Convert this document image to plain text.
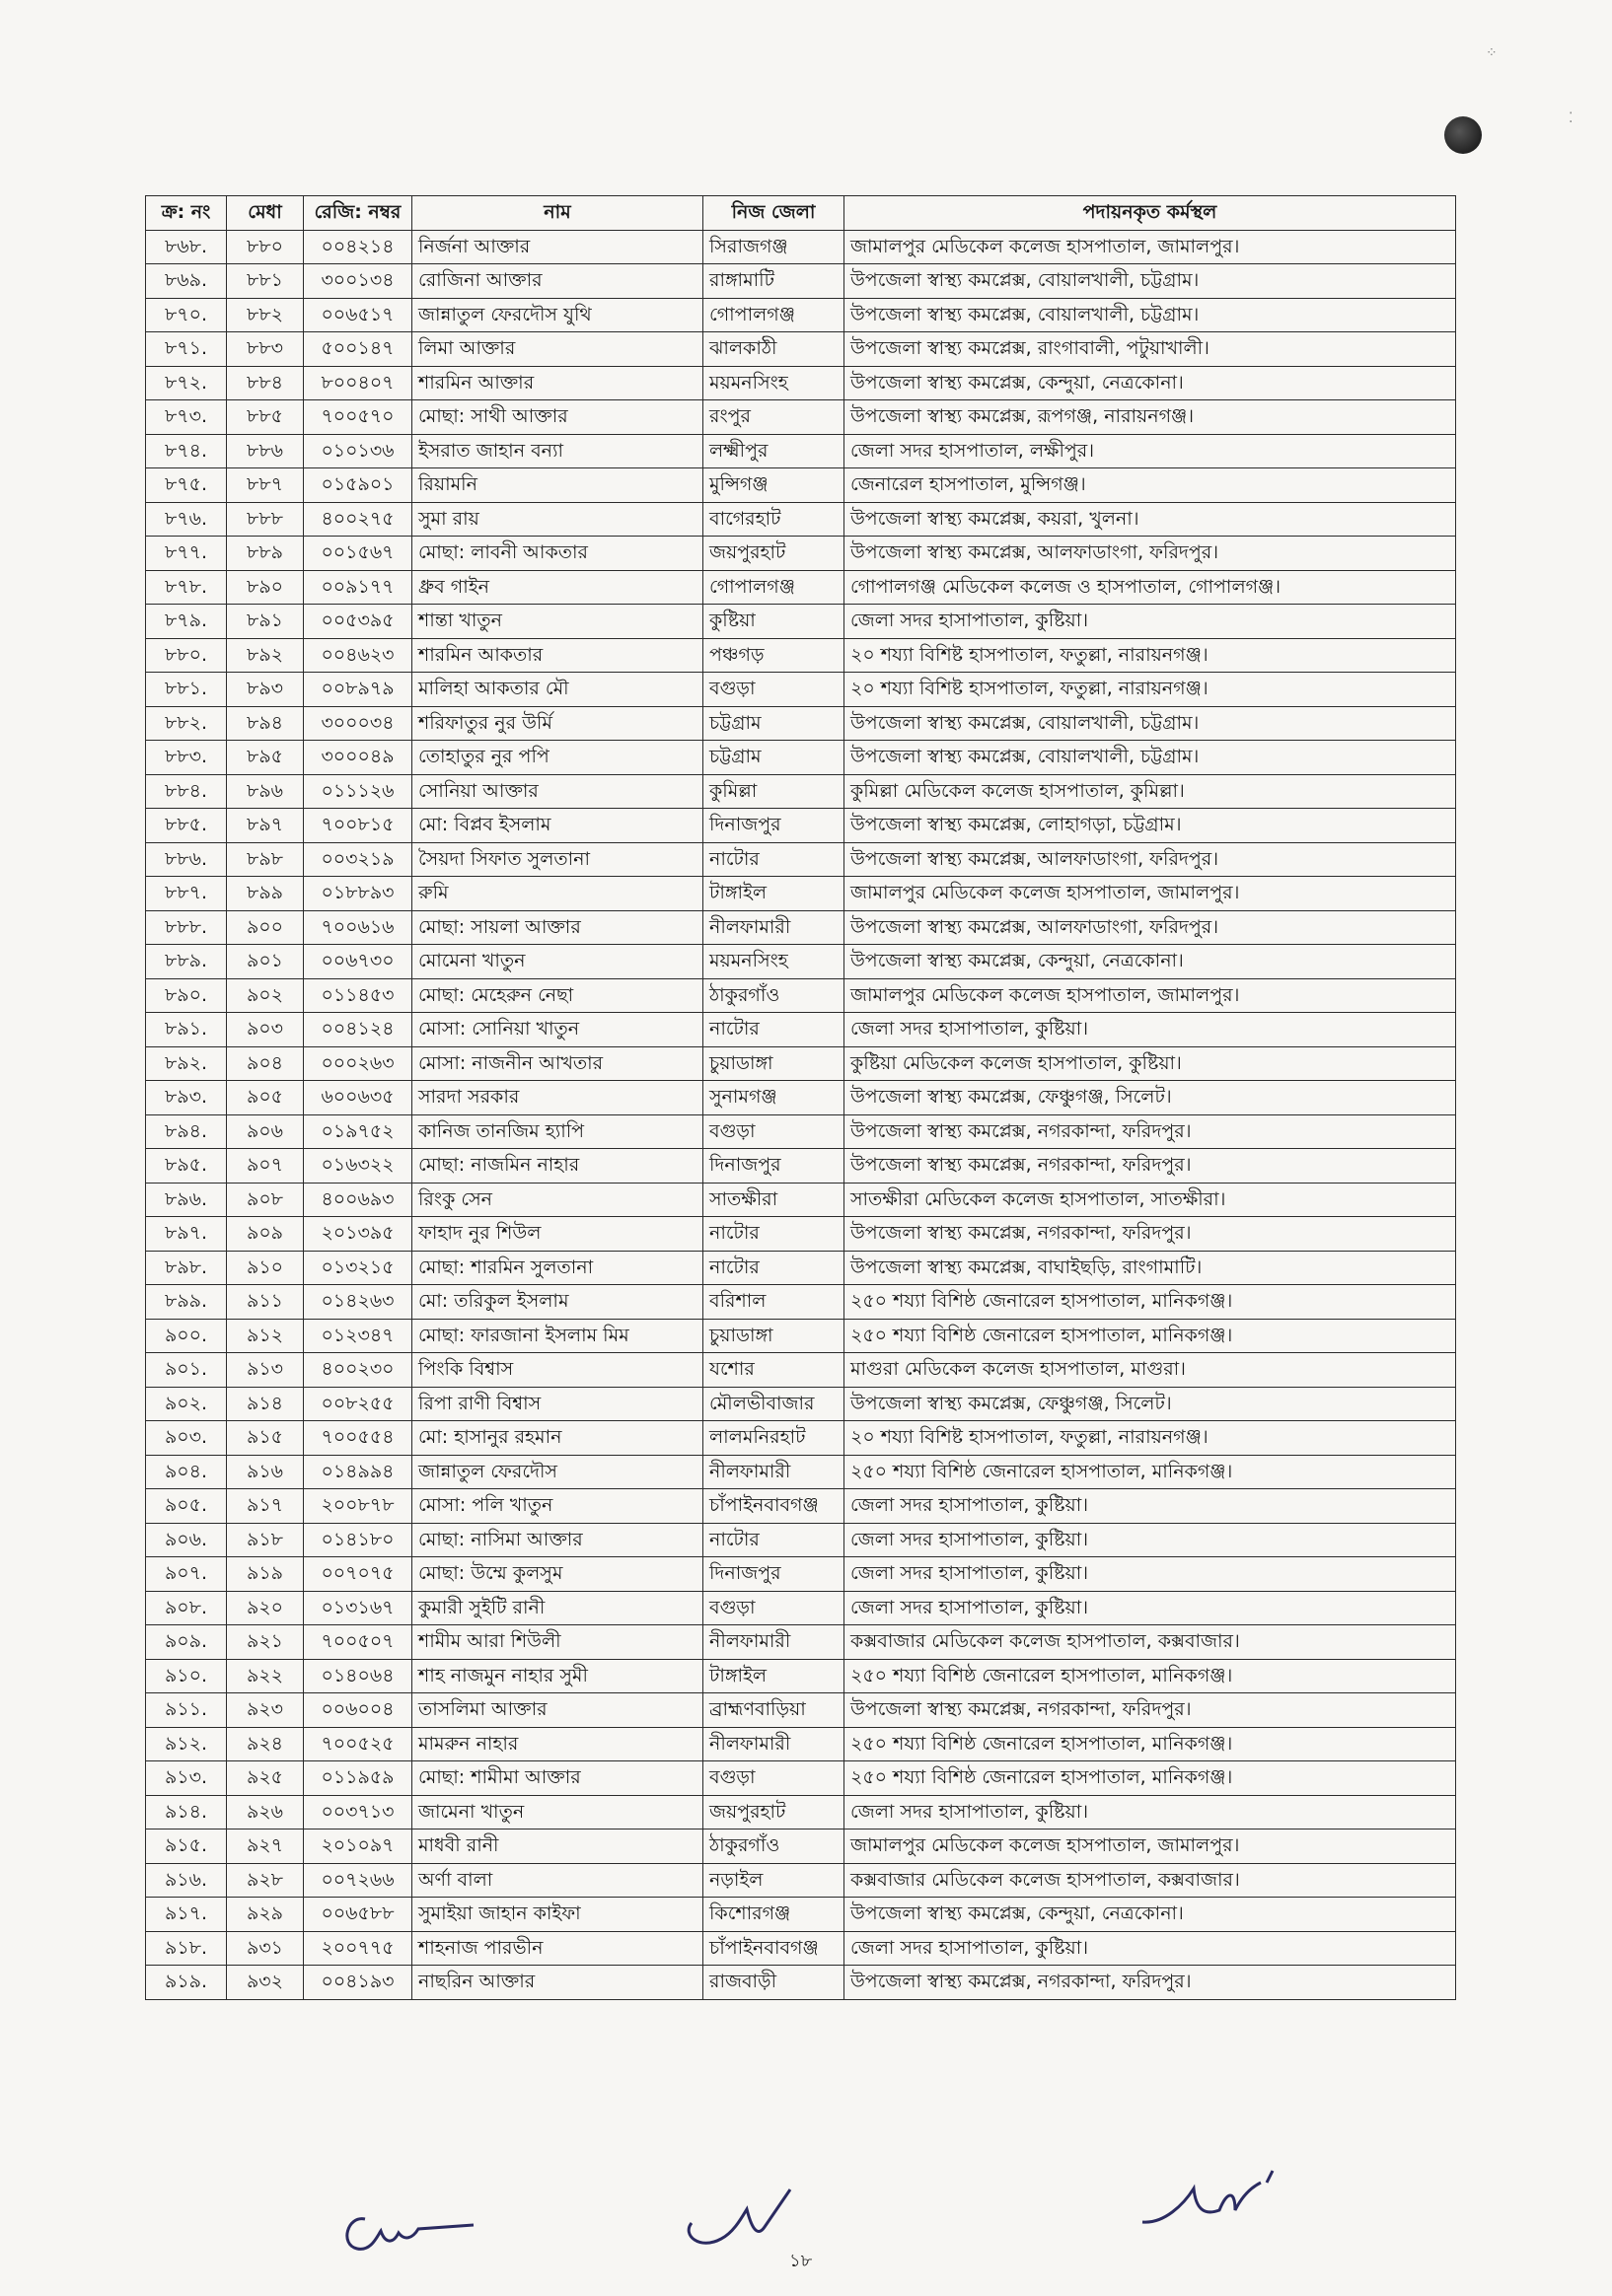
⁘
⁚
ক্র: নং	মেধা	রেজি: নম্বর	নাম	নিজ জেলা	পদায়নকৃত কর্মস্থল
৮৬৮.	৮৮০	০০৪২১৪	নির্জনা আক্তার	সিরাজগঞ্জ	জামালপুর মেডিকেল কলেজ হাসপাতাল, জামালপুর।
৮৬৯.	৮৮১	৩০০১৩৪	রোজিনা আক্তার	রাঙ্গামাটি	উপজেলা স্বাস্থ্য কমপ্লেক্স, বোয়ালখালী, চট্টগ্রাম।
৮৭০.	৮৮২	০০৬৫১৭	জান্নাতুল ফেরদৌস যুথি	গোপালগঞ্জ	উপজেলা স্বাস্থ্য কমপ্লেক্স, বোয়ালখালী, চট্টগ্রাম।
৮৭১.	৮৮৩	৫০০১৪৭	লিমা আক্তার	ঝালকাঠী	উপজেলা স্বাস্থ্য কমপ্লেক্স, রাংগাবালী, পটুয়াখালী।
৮৭২.	৮৮৪	৮০০৪০৭	শারমিন আক্তার	ময়মনসিংহ	উপজেলা স্বাস্থ্য কমপ্লেক্স, কেন্দুয়া, নেত্রকোনা।
৮৭৩.	৮৮৫	৭০০৫৭০	মোছা: সাথী আক্তার	রংপুর	উপজেলা স্বাস্থ্য কমপ্লেক্স, রূপগঞ্জ, নারায়নগঞ্জ।
৮৭৪.	৮৮৬	০১০১৩৬	ইসরাত জাহান বন্যা	লক্ষ্মীপুর	জেলা সদর হাসপাতাল, লক্ষীপুর।
৮৭৫.	৮৮৭	০১৫৯০১	রিয়ামনি	মুন্সিগঞ্জ	জেনারেল হাসপাতাল, মুন্সিগঞ্জ।
৮৭৬.	৮৮৮	৪০০২৭৫	সুমা রায়	বাগেরহাট	উপজেলা স্বাস্থ্য কমপ্লেক্স, কয়রা, খুলনা।
৮৭৭.	৮৮৯	০০১৫৬৭	মোছা: লাবনী আকতার	জয়পুরহাট	উপজেলা স্বাস্থ্য কমপ্লেক্স, আলফাডাংগা, ফরিদপুর।
৮৭৮.	৮৯০	০০৯১৭৭	ধ্রুব গাইন	গোপালগঞ্জ	গোপালগঞ্জ মেডিকেল কলেজ ও হাসপাতাল, গোপালগঞ্জ।
৮৭৯.	৮৯১	০০৫৩৯৫	শান্তা খাতুন	কুষ্টিয়া	জেলা সদর হাসাপাতাল, কুষ্টিয়া।
৮৮০.	৮৯২	০০৪৬২৩	শারমিন আকতার	পঞ্চগড়	২০ শয্যা বিশিষ্ট হাসপাতাল, ফতুল্লা, নারায়নগঞ্জ।
৮৮১.	৮৯৩	০০৮৯৭৯	মালিহা আকতার মৌ	বগুড়া	২০ শয্যা বিশিষ্ট হাসপাতাল, ফতুল্লা, নারায়নগঞ্জ।
৮৮২.	৮৯৪	৩০০০৩৪	শরিফাতুর নুর উর্মি	চট্টগ্রাম	উপজেলা স্বাস্থ্য কমপ্লেক্স, বোয়ালখালী, চট্টগ্রাম।
৮৮৩.	৮৯৫	৩০০০৪৯	তোহাতুর নুর পপি	চট্টগ্রাম	উপজেলা স্বাস্থ্য কমপ্লেক্স, বোয়ালখালী, চট্টগ্রাম।
৮৮৪.	৮৯৬	০১১১২৬	সোনিয়া আক্তার	কুমিল্লা	কুমিল্লা মেডিকেল কলেজ হাসপাতাল, কুমিল্লা।
৮৮৫.	৮৯৭	৭০০৮১৫	মো: বিপ্লব ইসলাম	দিনাজপুর	উপজেলা স্বাস্থ্য কমপ্লেক্স, লোহাগড়া, চট্টগ্রাম।
৮৮৬.	৮৯৮	০০৩২১৯	সৈয়দা সিফাত সুলতানা	নাটোর	উপজেলা স্বাস্থ্য কমপ্লেক্স, আলফাডাংগা, ফরিদপুর।
৮৮৭.	৮৯৯	০১৮৮৯৩	রুমি	টাঙ্গাইল	জামালপুর মেডিকেল কলেজ হাসপাতাল, জামালপুর।
৮৮৮.	৯০০	৭০০৬১৬	মোছা: সায়লা আক্তার	নীলফামারী	উপজেলা স্বাস্থ্য কমপ্লেক্স, আলফাডাংগা, ফরিদপুর।
৮৮৯.	৯০১	০০৬৭৩০	মোমেনা খাতুন	ময়মনসিংহ	উপজেলা স্বাস্থ্য কমপ্লেক্স, কেন্দুয়া, নেত্রকোনা।
৮৯০.	৯০২	০১১৪৫৩	মোছা: মেহেরুন নেছা	ঠাকুরগাঁও	জামালপুর মেডিকেল কলেজ হাসপাতাল, জামালপুর।
৮৯১.	৯০৩	০০৪১২৪	মোসা: সোনিয়া খাতুন	নাটোর	জেলা সদর হাসাপাতাল, কুষ্টিয়া।
৮৯২.	৯০৪	০০০২৬৩	মোসা: নাজনীন আখতার	চুয়াডাঙ্গা	কুষ্টিয়া মেডিকেল কলেজ হাসপাতাল, কুষ্টিয়া।
৮৯৩.	৯০৫	৬০০৬৩৫	সারদা সরকার	সুনামগঞ্জ	উপজেলা স্বাস্থ্য কমপ্লেক্স, ফেঞ্চুগঞ্জ, সিলেট।
৮৯৪.	৯০৬	০১৯৭৫২	কানিজ তানজিম হ্যাপি	বগুড়া	উপজেলা স্বাস্থ্য কমপ্লেক্স, নগরকান্দা, ফরিদপুর।
৮৯৫.	৯০৭	০১৬৩২২	মোছা: নাজমিন নাহার	দিনাজপুর	উপজেলা স্বাস্থ্য কমপ্লেক্স, নগরকান্দা, ফরিদপুর।
৮৯৬.	৯০৮	৪০০৬৯৩	রিংকু সেন	সাতক্ষীরা	সাতক্ষীরা মেডিকেল কলেজ হাসপাতাল, সাতক্ষীরা।
৮৯৭.	৯০৯	২০১৩৯৫	ফাহাদ নুর শিউল	নাটোর	উপজেলা স্বাস্থ্য কমপ্লেক্স, নগরকান্দা, ফরিদপুর।
৮৯৮.	৯১০	০১৩২১৫	মোছা: শারমিন সুলতানা	নাটোর	উপজেলা স্বাস্থ্য কমপ্লেক্স, বাঘাইছড়ি, রাংগামাটি।
৮৯৯.	৯১১	০১৪২৬৩	মো: তরিকুল ইসলাম	বরিশাল	২৫০ শয্যা বিশিষ্ঠ জেনারেল হাসপাতাল, মানিকগঞ্জ।
৯০০.	৯১২	০১২৩৪৭	মোছা: ফারজানা ইসলাম মিম	চুয়াডাঙ্গা	২৫০ শয্যা বিশিষ্ঠ জেনারেল হাসপাতাল, মানিকগঞ্জ।
৯০১.	৯১৩	৪০০২৩০	পিংকি বিশ্বাস	যশোর	মাগুরা মেডিকেল কলেজ হাসপাতাল, মাগুরা।
৯০২.	৯১৪	০০৮২৫৫	রিপা রাণী বিশ্বাস	মৌলভীবাজার	উপজেলা স্বাস্থ্য কমপ্লেক্স, ফেঞ্চুগঞ্জ, সিলেট।
৯০৩.	৯১৫	৭০০৫৫৪	মো: হাসানুর রহমান	লালমনিরহাট	২০ শয্যা বিশিষ্ট হাসপাতাল, ফতুল্লা, নারায়নগঞ্জ।
৯০৪.	৯১৬	০১৪৯৯৪	জান্নাতুল ফেরদৌস	নীলফামারী	২৫০ শয্যা বিশিষ্ঠ জেনারেল হাসপাতাল, মানিকগঞ্জ।
৯০৫.	৯১৭	২০০৮৭৮	মোসা: পলি খাতুন	চাঁপাইনবাবগঞ্জ	জেলা সদর হাসাপাতাল, কুষ্টিয়া।
৯০৬.	৯১৮	০১৪১৮০	মোছা: নাসিমা আক্তার	নাটোর	জেলা সদর হাসাপাতাল, কুষ্টিয়া।
৯০৭.	৯১৯	০০৭০৭৫	মোছা: উম্মে কুলসুম	দিনাজপুর	জেলা সদর হাসাপাতাল, কুষ্টিয়া।
৯০৮.	৯২০	০১৩১৬৭	কুমারী সুইটি রানী	বগুড়া	জেলা সদর হাসাপাতাল, কুষ্টিয়া।
৯০৯.	৯২১	৭০০৫০৭	শামীম আরা শিউলী	নীলফামারী	কক্সবাজার মেডিকেল কলেজ হাসপাতাল, কক্সবাজার।
৯১০.	৯২২	০১৪০৬৪	শাহ নাজমুন নাহার সুমী	টাঙ্গাইল	২৫০ শয্যা বিশিষ্ঠ জেনারেল হাসপাতাল, মানিকগঞ্জ।
৯১১.	৯২৩	০০৬০০৪	তাসলিমা আক্তার	ব্রাহ্মণবাড়িয়া	উপজেলা স্বাস্থ্য কমপ্লেক্স, নগরকান্দা, ফরিদপুর।
৯১২.	৯২৪	৭০০৫২৫	মামরুন নাহার	নীলফামারী	২৫০ শয্যা বিশিষ্ঠ জেনারেল হাসপাতাল, মানিকগঞ্জ।
৯১৩.	৯২৫	০১১৯৫৯	মোছা: শামীমা আক্তার	বগুড়া	২৫০ শয্যা বিশিষ্ঠ জেনারেল হাসপাতাল, মানিকগঞ্জ।
৯১৪.	৯২৬	০০৩৭১৩	জামেনা খাতুন	জয়পুরহাট	জেলা সদর হাসাপাতাল, কুষ্টিয়া।
৯১৫.	৯২৭	২০১০৯৭	মাধবী রানী	ঠাকুরগাঁও	জামালপুর মেডিকেল কলেজ হাসপাতাল, জামালপুর।
৯১৬.	৯২৮	০০৭২৬৬	অর্ণা বালা	নড়াইল	কক্সবাজার মেডিকেল কলেজ হাসপাতাল, কক্সবাজার।
৯১৭.	৯২৯	০০৬৫৮৮	সুমাইয়া জাহান কাইফা	কিশোরগঞ্জ	উপজেলা স্বাস্থ্য কমপ্লেক্স, কেন্দুয়া, নেত্রকোনা।
৯১৮.	৯৩১	২০০৭৭৫	শাহনাজ পারভীন	চাঁপাইনবাবগঞ্জ	জেলা সদর হাসাপাতাল, কুষ্টিয়া।
৯১৯.	৯৩২	০০৪১৯৩	নাছরিন আক্তার	রাজবাড়ী	উপজেলা স্বাস্থ্য কমপ্লেক্স, নগরকান্দা, ফরিদপুর।
১৮
